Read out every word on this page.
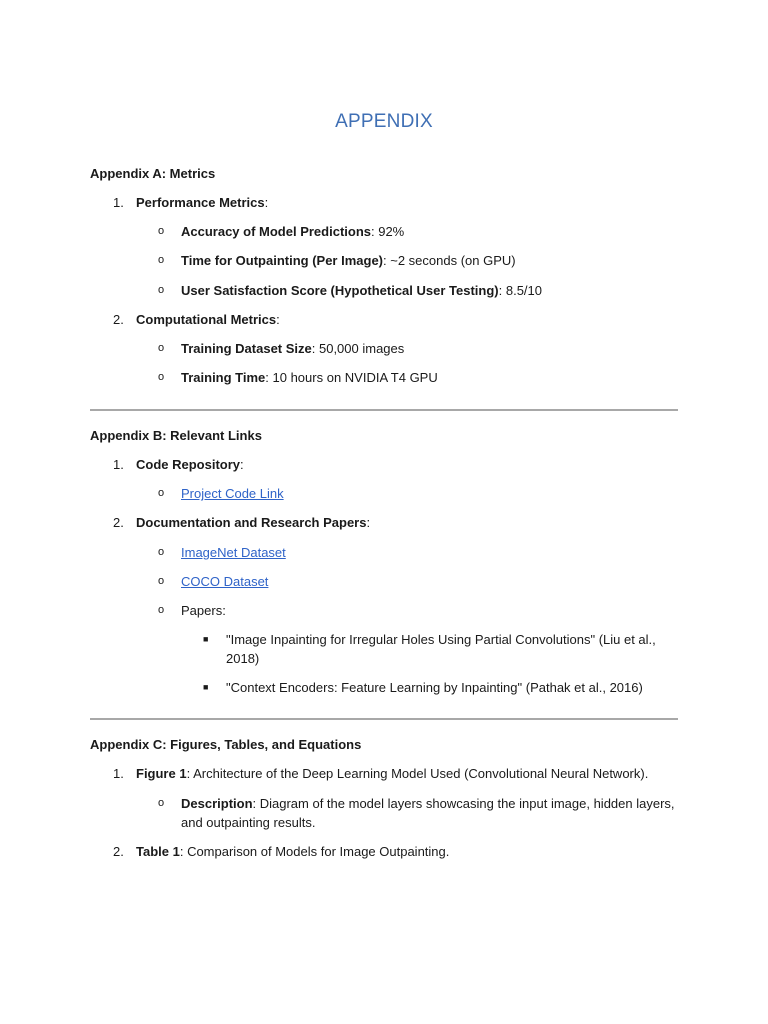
APPENDIX

Appendix A: Metrics

1. Performance Metrics:

o Accuracy of Model Predictions: 92%

o Time for Outpainting (Per Image): ~2 seconds (on GPU)

o User Satisfaction Score (Hypothetical User Testing): 8.5/10

2. Computational Metrics:

o Training Dataset Size: 50,000 images

o Training Time: 10 hours on NVIDIA T4 GPU

Appendix B: Relevant Links

1. Code Repository:

o Project Code Link
2. Documentation and Research Papers:

o ImageNet Dataset
o COCO Dataset
o Papers:

■ "Image Inpainting for Irregular Holes Using Partial Convolutions" (Liu et al.,

2018)

■ "Context Encoders: Feature Learning by Inpainting" (Pathak et al., 2016)

Appendix C: Figures, Tables, and Equations

1. Figure 1: Architecture of the Deep Learning Model Used (Convolutional Neural Network).

o Description: Diagram of the model layers showcasing the input image, hidden layers,

and outpainting results.

2. Table 1: Comparison of Models for Image Outpainting.
